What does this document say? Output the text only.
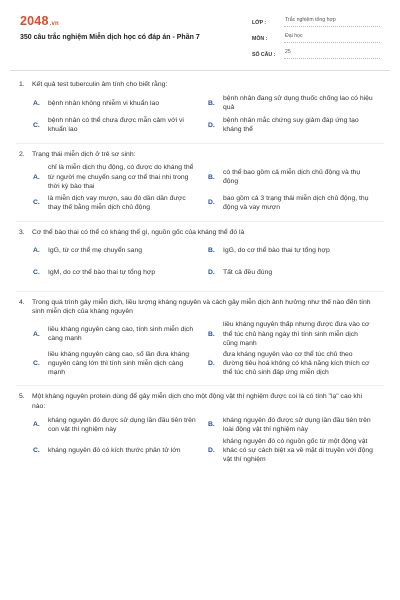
2048.vn
350 câu trắc nghiệm Miễn dịch học có đáp án - Phần 7
LỚP :	Trắc nghiệm tổng hợp
MÔN :	Đại học
SỐ CÂU :	25
1.	Kết quả test tuberculin âm tính cho biết rằng:
A.	bệnh nhân không nhiễm vi khuẩn lao	B.
bệnh nhân đang sử dụng thuốc chống lao có hiệu quả
C.
bệnh nhân có thể chưa được mẫn cảm với vi khuẩn lao
D.
bệnh nhân mắc chứng suy giảm đáp ứng tạo kháng thể
2.	Trạng thái miễn dịch ở trẻ sơ sinh:
A.
chỉ là miễn dịch thụ động, có được do kháng thể từ người mẹ chuyển sang cơ thể thai nhi trong thời kỳ bào thai
B.
có thể bao gồm cả miễn dịch chủ động và thụ động
C.
là miễn dịch vay mượn, sau đó dần dần được thay thế bằng miễn dịch chủ động
D.
bao gồm cả 3 trạng thái miễn dịch chủ động, thụ động và vay mượn
3.	Cơ thể bào thai có thể có kháng thể gì, nguồn gốc của kháng thể đó là
A.	IgG, từ cơ thể mẹ chuyển sang	B.	IgG, do cơ thể bào thai tự tổng hợp
C.	IgM, do cơ thể bào thai tự tổng hợp	D.	Tất cả đều đúng
4.	Trong quá trình gây miễn dịch, liều lượng kháng nguyên và cách gây miễn dịch ảnh hưởng như thế nào đến tính sinh miễn dịch của kháng nguyên
A.
liều kháng nguyên càng cao, tính sinh miễn dịch càng mạnh
B.
liều kháng nguyên thấp nhưng được đưa vào cơ thể túc chủ hàng ngày thì tính sinh miễn dịch cũng mạnh
C.
liều kháng nguyên càng cao, số lần đưa kháng nguyên càng lớn thì tính sinh miễn dịch càng mạnh
D.
đưa kháng nguyên vào cơ thể túc chủ theo đường tiêu hoá không có khả năng kích thích cơ thể túc chủ sinh đáp ứng miễn dịch
5.	Một kháng nguyên protein dùng để gây miễn dịch cho một động vật thí nghiệm được coi là có tính "lạ" cao khi nào:
A.
kháng nguyên đó được sử dụng lần đầu tiên trên con vật thí nghiệm này
B.
kháng nguyên đó được sử dụng lần đầu tiên trên loài động vật thí nghiệm này
C.	kháng nguyên đó có kích thước phân tử lớn	D.
kháng nguyên đó có nguồn gốc từ một động vật khác có sự cách biệt xa về mặt di truyền với động vật thí nghiệm
